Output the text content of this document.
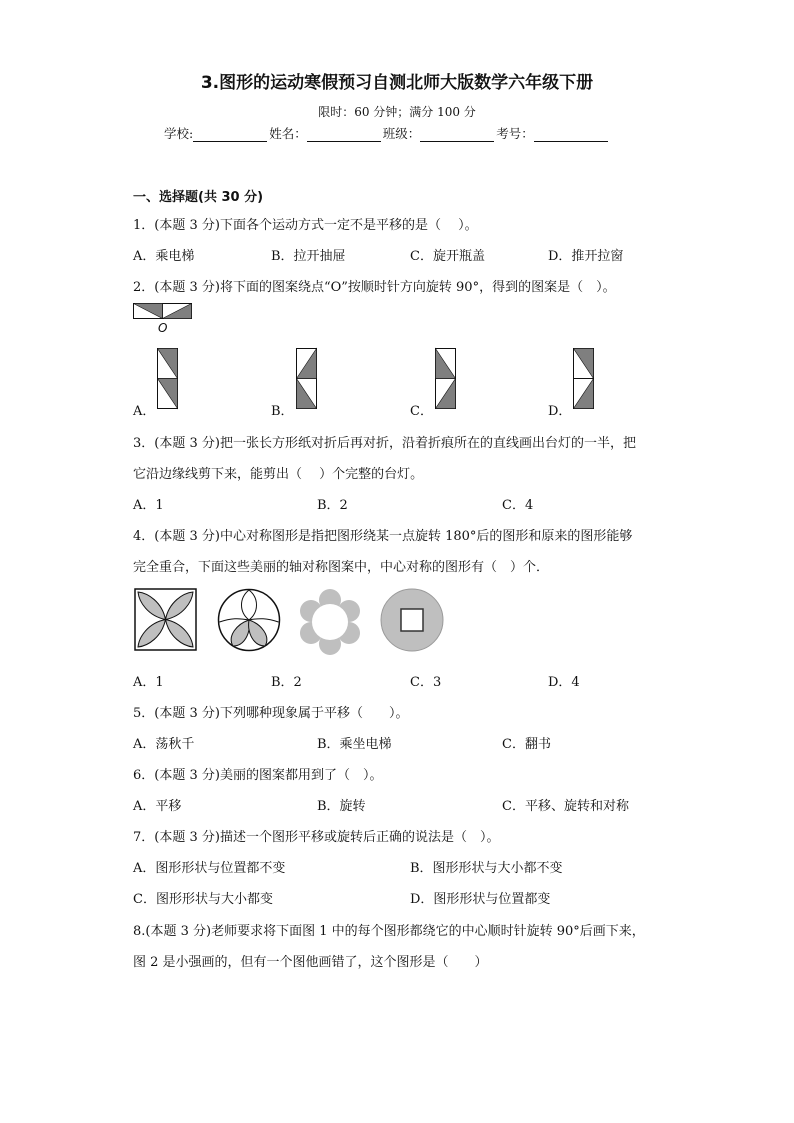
3.图形的运动寒假预习自测北师大版数学六年级下册
限时：60 分钟；满分 100 分
学校:	姓名：	班级：	考号：
一、选择题(共 30 分)
1．(本题 3 分)下面各个运动方式一定不是平移的是（　 ）。
A．乘电梯	B．拉开抽屉	C．旋开瓶盖	D．推开拉窗
2．(本题 3 分)将下面的图案绕点“O”按顺时针方向旋转 90°，得到的图案是（　）。
O
A．	B．	C．	D．
3．(本题 3 分)把一张长方形纸对折后再对折，沿着折痕所在的直线画出台灯的一半，把
它沿边缘线剪下来，能剪出（　 ）个完整的台灯。
A．1	B．2	C．4
4．(本题 3 分)中心对称图形是指把图形绕某一点旋转 180°后的图形和原来的图形能够
完全重合，下面这些美丽的轴对称图案中，中心对称的图形有（　）个．
A．1	B．2	C．3	D．4
5．(本题 3 分)下列哪种现象属于平移（　　）。
A．荡秋千	B．乘坐电梯	C．翻书
6．(本题 3 分)美丽的图案都用到了（　）。
A．平移	B．旋转	C．平移、旋转和对称
7．(本题 3 分)描述一个图形平移或旋转后正确的说法是（　）。
A．图形形状与位置都不变	B．图形形状与大小都不变
C．图形形状与大小都变	D．图形形状与位置都变
8.(本题 3 分)老师要求将下面图 1 中的每个图形都绕它的中心顺时针旋转 90°后画下来，
图 2 是小强画的，但有一个图他画错了，这个图形是（　　）
